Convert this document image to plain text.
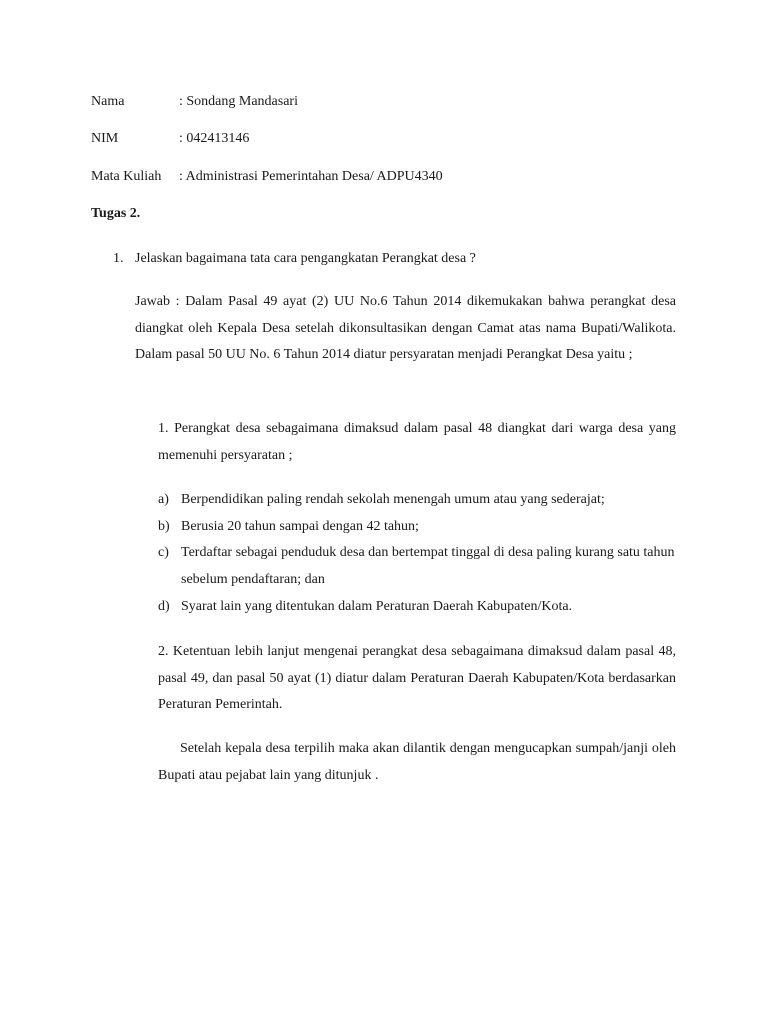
Nama	: Sondang Mandasari
NIM	: 042413146
Mata Kuliah	: Administrasi Pemerintahan Desa/ ADPU4340
Tugas 2.
1. Jelaskan bagaimana tata cara pengangkatan Perangkat desa ?
Jawab : Dalam Pasal 49 ayat (2) UU No.6 Tahun 2014 dikemukakan bahwa perangkat desa diangkat oleh Kepala Desa setelah dikonsultasikan dengan Camat atas nama Bupati/Walikota. Dalam pasal 50 UU No. 6 Tahun 2014 diatur persyaratan menjadi Perangkat Desa yaitu ;
1. Perangkat desa sebagaimana dimaksud dalam pasal 48 diangkat dari warga desa yang memenuhi persyaratan ;
a) Berpendidikan paling rendah sekolah menengah umum atau yang sederajat;
b) Berusia 20 tahun sampai dengan 42 tahun;
c) Terdaftar sebagai penduduk desa dan bertempat tinggal di desa paling kurang satu tahun sebelum pendaftaran; dan
d) Syarat lain yang ditentukan dalam Peraturan Daerah Kabupaten/Kota.
2. Ketentuan lebih lanjut mengenai perangkat desa sebagaimana dimaksud dalam pasal 48, pasal 49, dan pasal 50 ayat (1) diatur dalam Peraturan Daerah Kabupaten/Kota berdasarkan Peraturan Pemerintah.
Setelah kepala desa terpilih maka akan dilantik dengan mengucapkan sumpah/janji oleh Bupati atau pejabat lain yang ditunjuk .
